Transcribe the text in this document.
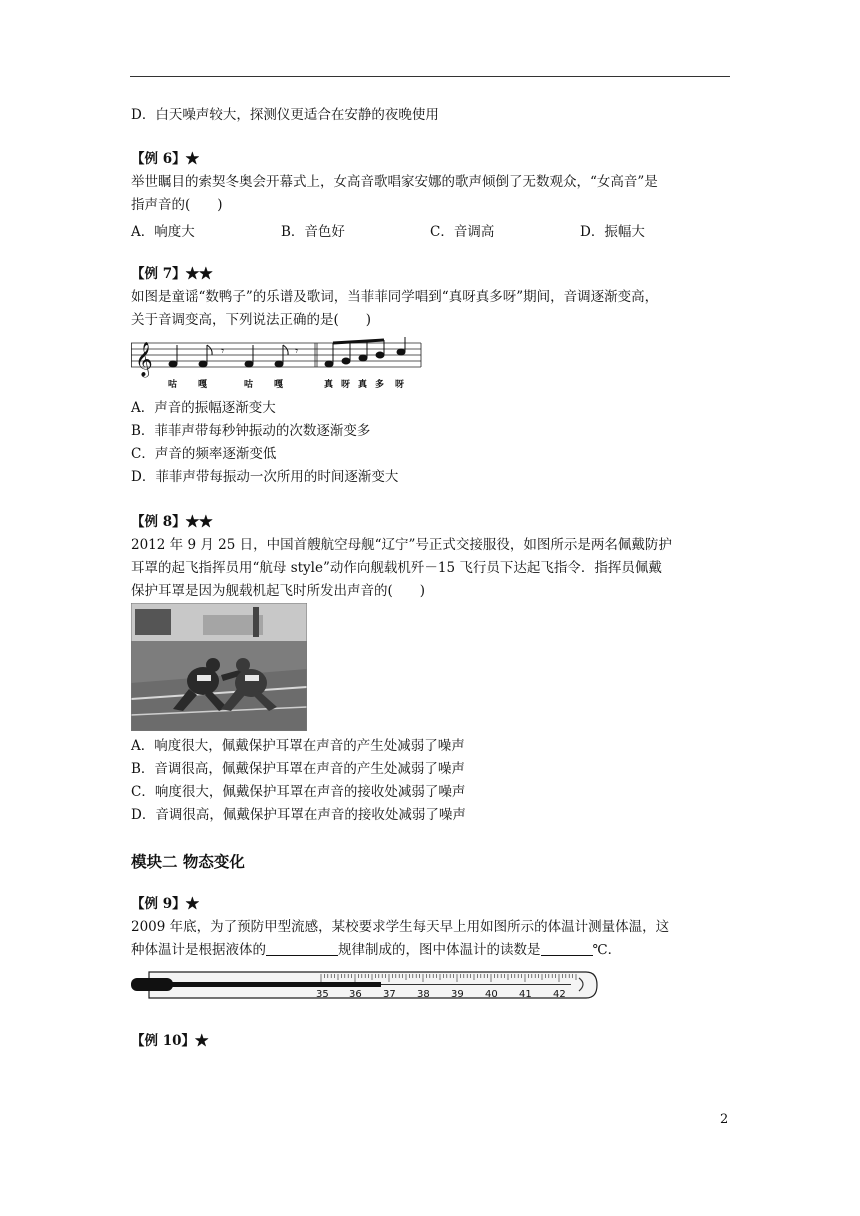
D．白天噪声较大，探测仪更适合在安静的夜晚使用
【例 6】★
举世瞩目的索契冬奥会开幕式上，女高音歌唱家安娜的歌声倾倒了无数观众，“女高音”是
指声音的(　　)
A．响度大	B．音色好	C．音调高	D．振幅大
【例 7】★★
如图是童谣“数鸭子”的乐谱及歌词，当菲菲同学唱到“真呀真多呀”期间，音调逐渐变高，
关于音调变高，下列说法正确的是(　　)
𝄞	𝄾	𝄾
咕 嘎	咕 嘎	真 呀 真 多 呀
A．声音的振幅逐渐变大
B．菲菲声带每秒钟振动的次数逐渐变多
C．声音的频率逐渐变低
D．菲菲声带每振动一次所用的时间逐渐变大
【例 8】★★
2012 年 9 月 25 日，中国首艘航空母舰“辽宁”号正式交接服役，如图所示是两名佩戴防护
耳罩的起飞指挥员用“航母 style”动作向舰载机歼－15 飞行员下达起飞指令．指挥员佩戴
保护耳罩是因为舰载机起飞时所发出声音的(　　)
A．响度很大，佩戴保护耳罩在声音的产生处减弱了噪声
B．音调很高，佩戴保护耳罩在声音的产生处减弱了噪声
C．响度很大，佩戴保护耳罩在声音的接收处减弱了噪声
D．音调很高，佩戴保护耳罩在声音的接收处减弱了噪声
模块二 物态变化
【例 9】★
2009 年底，为了预防甲型流感，某校要求学生每天早上用如图所示的体温计测量体温，这
种体温计是根据液体的	规律制成的，图中体温计的读数是	℃．
35 36 37 38 39 40 41 42
【例 10】★
2
